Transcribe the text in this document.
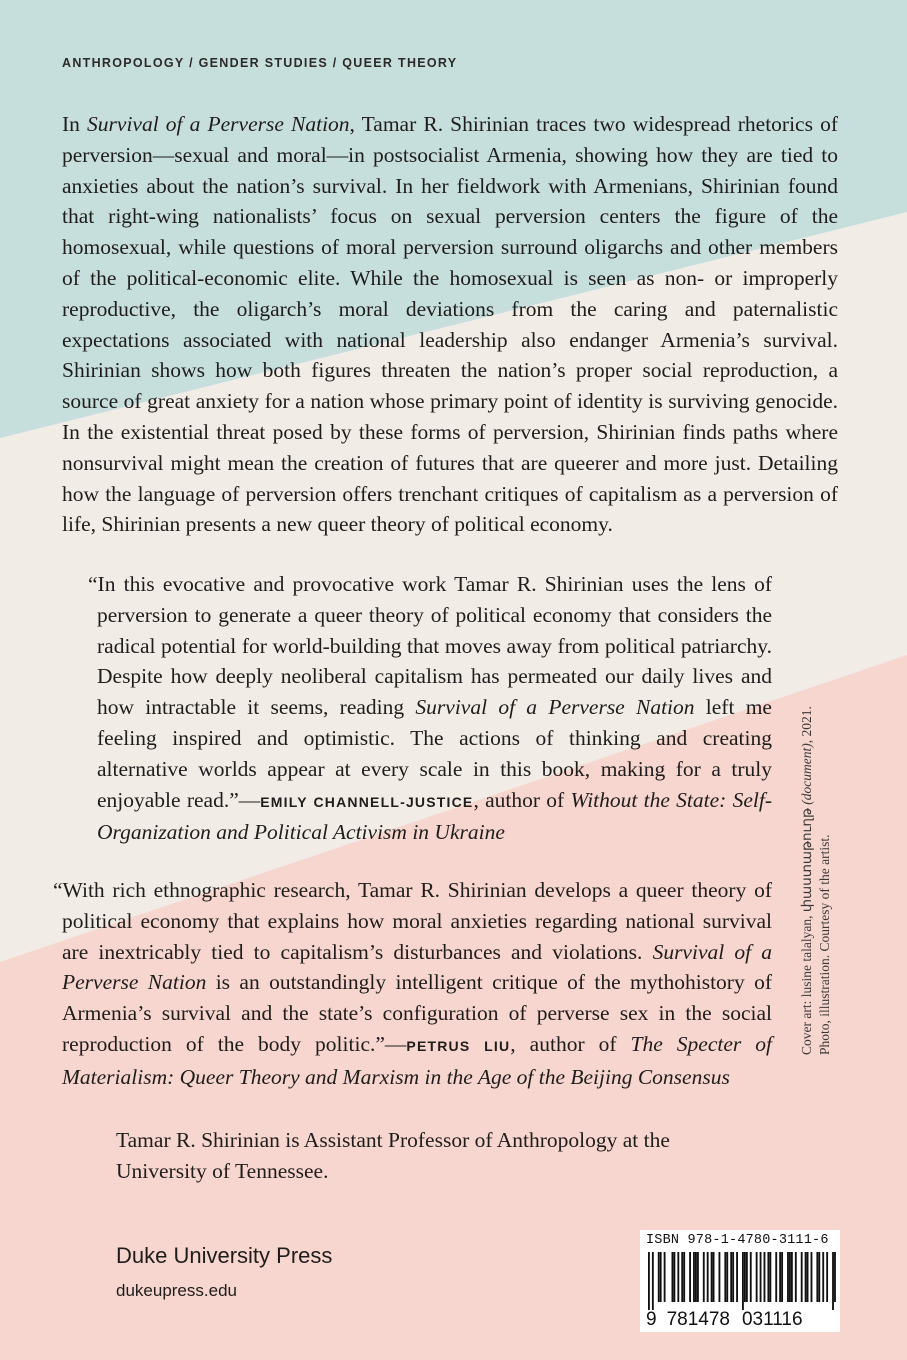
ANTHROPOLOGY / GENDER STUDIES / QUEER THEORY
In Survival of a Perverse Nation, Tamar R. Shirinian traces two widespread rhetorics of perversion—sexual and moral—in postsocialist Armenia, showing how they are tied to anxieties about the nation’s survival. In her fieldwork with Armenians, Shirinian found that right-wing nationalists’ focus on sexual perversion centers the figure of the homosexual, while questions of moral perversion surround oligarchs and other members of the political-economic elite. While the homosexual is seen as non- or improperly reproductive, the oligarch’s moral deviations from the caring and paternalistic expectations associated with national leadership also endanger Armenia’s survival. Shirinian shows how both figures threaten the nation’s proper social reproduction, a source of great anxiety for a nation whose primary point of identity is surviving genocide. In the existential threat posed by these forms of perversion, Shirinian finds paths where nonsurvival might mean the creation of futures that are queerer and more just. Detailing how the language of perversion offers trenchant critiques of capitalism as a perversion of life, Shirinian presents a new queer theory of political economy.
“In this evocative and provocative work Tamar R. Shirinian uses the lens of perversion to generate a queer theory of political economy that considers the radical potential for world-building that moves away from political patriarchy. Despite how deeply neoliberal capitalism has permeated our daily lives and how intractable it seems, reading Survival of a Perverse Nation left me feeling inspired and optimistic. The actions of thinking and creating alternative worlds appear at every scale in this book, making for a truly enjoyable read.”—EMILY CHANNELL-JUSTICE, author of Without the State: Self-Organization and Political Activism in Ukraine
“With rich ethnographic research, Tamar R. Shirinian develops a queer theory of political economy that explains how moral anxieties regarding national survival are inextricably tied to capitalism’s disturbances and violations. Survival of a Perverse Nation is an outstandingly intelligent critique of the mythohistory of Armenia’s survival and the state’s configuration of perverse sex in the social reproduction of the body politic.”—PETRUS LIU, author of The Specter of Materialism: Queer Theory and Marxism in the Age of the Beijing Consensus
Tamar R. Shirinian is Assistant Professor of Anthropology at the University of Tennessee.
Cover art: lusine talalyan, փաստաթուղթ (document), 2021.
Photo, illustration. Courtesy of the artist.
Duke University Press
dukeupress.edu
ISBN 978-1-4780-3111-6
9 781478 031116
